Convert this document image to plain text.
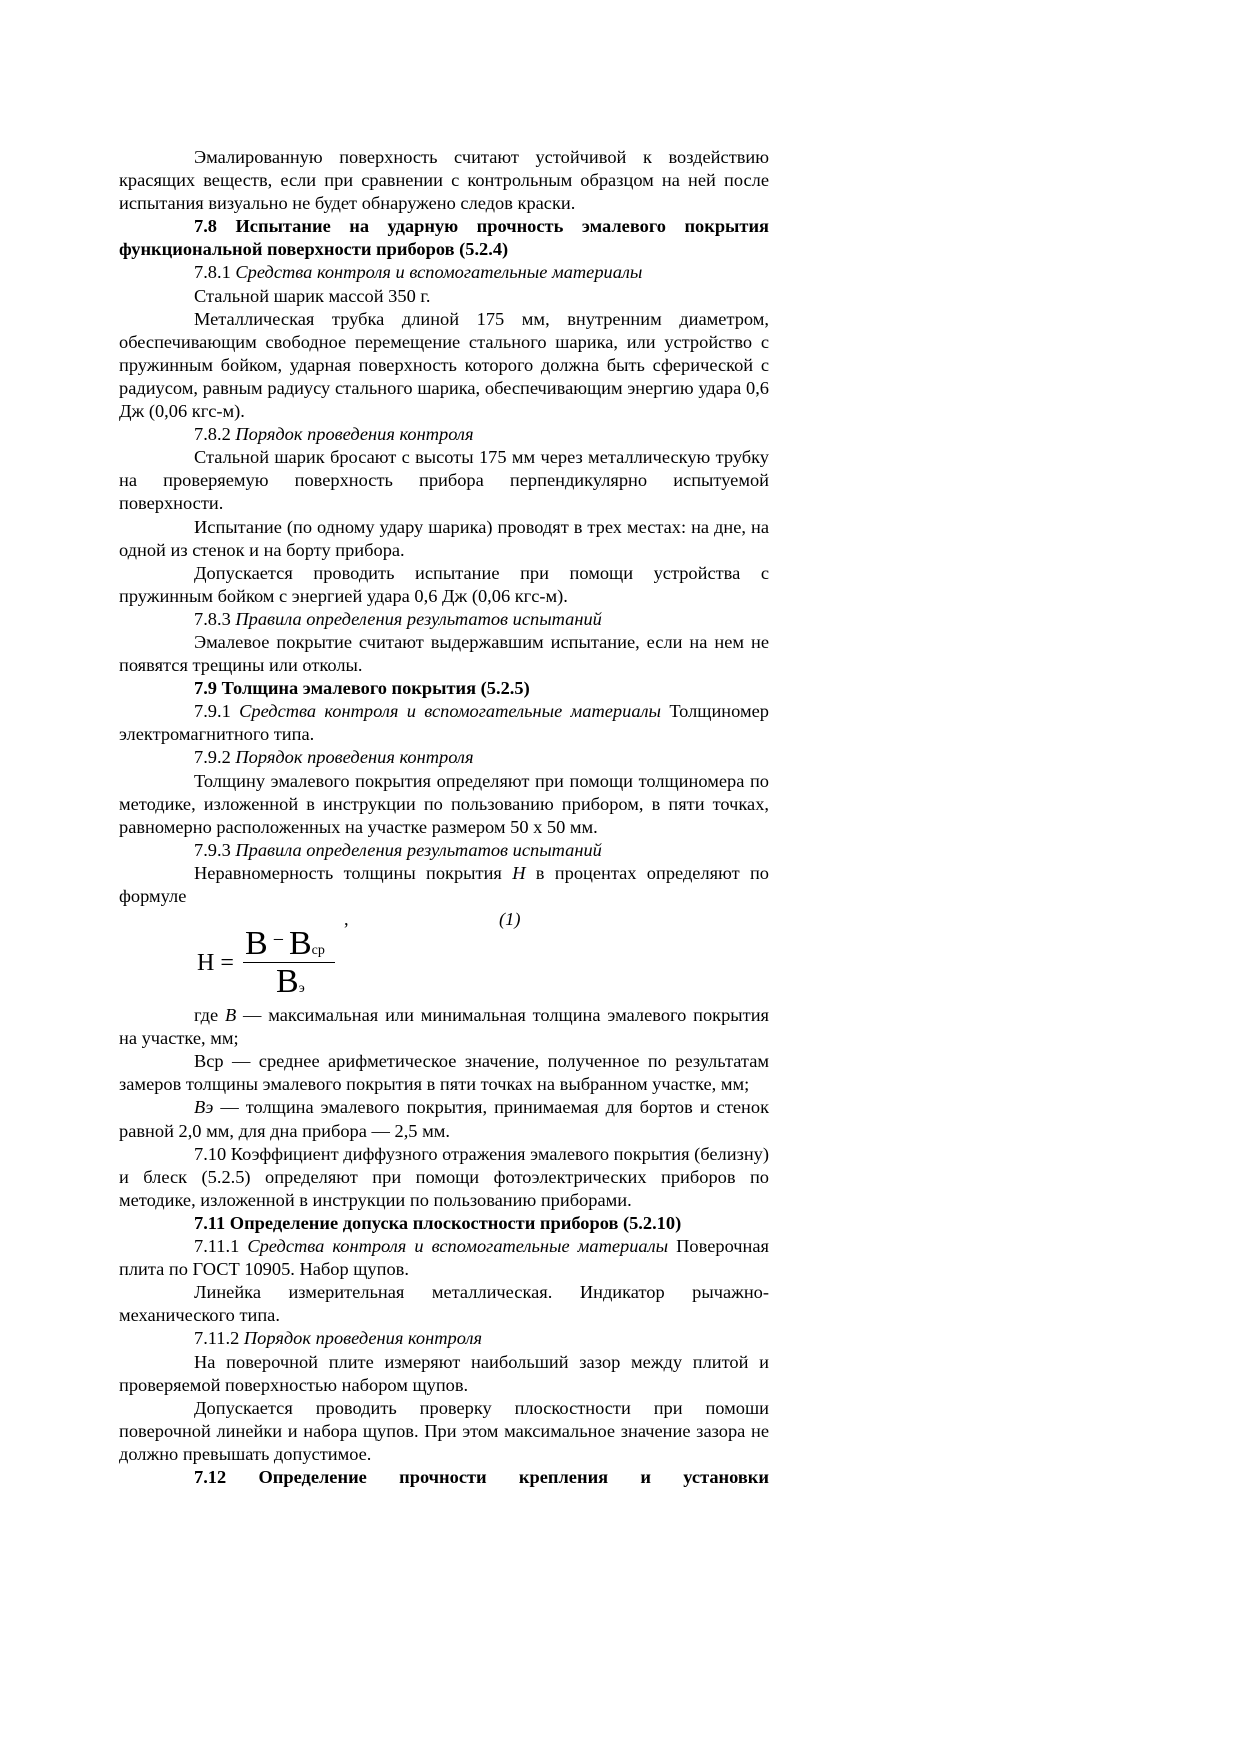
Эмалированную поверхность считают устойчивой к воздействию красящих веществ, если при сравнении с контрольным образцом на ней после испытания визуально не будет обнаружено следов краски.

7.8 Испытание на ударную прочность эмалевого покрытия функциональной поверхности приборов (5.2.4)

7.8.1 Средства контроля и вспомогательные материалы

Стальной шарик массой 350 г.

Металлическая трубка длиной 175 мм, внутренним диаметром, обеспечивающим свободное перемещение стального шарика, или устройство с пружинным бойком, ударная поверхность которого должна быть сферической с радиусом, равным радиусу стального шарика, обеспечивающим энергию удара 0,6 Дж (0,06 кгс-м).

7.8.2 Порядок проведения контроля

Стальной шарик бросают с высоты 175 мм через металлическую трубку на проверяемую поверхность прибора перпендикулярно испытуемой поверхности.

Испытание (по одному удару шарика) проводят в трех местах: на дне, на одной из стенок и на борту прибора.

Допускается проводить испытание при помощи устройства с пружинным бойком с энергией удара 0,6 Дж (0,06 кгс-м).

7.8.3 Правила определения результатов испытаний

Эмалевое покрытие считают выдержавшим испытание, если на нем не появятся трещины или отколы.

7.9 Толщина эмалевого покрытия (5.2.5)

7.9.1 Средства контроля и вспомогательные материалы Толщиномер электромагнитного типа.

7.9.2 Порядок проведения контроля

Толщину эмалевого покрытия определяют при помощи толщиномера по методике, изложенной в инструкции по пользованию прибором, в пяти точках, равномерно расположенных на участке размером 50 х 50 мм.

7.9.3 Правила определения результатов испытаний

Неравномерность толщины покрытия Н в процентах определяют по формуле

,	(1)
Н =
В − Вср
Вэ

где В — максимальная или минимальная толщина эмалевого покрытия на участке, мм;

Вср — среднее арифметическое значение, полученное по результатам замеров толщины эмалевого покрытия в пяти точках на выбранном участке, мм;

Вэ — толщина эмалевого покрытия, принимаемая для бортов и стенок равной 2,0 мм, для дна прибора — 2,5 мм.

7.10 Коэффициент диффузного отражения эмалевого покрытия (белизну) и блеск (5.2.5) определяют при помощи фотоэлектрических приборов по методике, изложенной в инструкции по пользованию приборами.

7.11 Определение допуска плоскостности приборов (5.2.10)

7.11.1 Средства контроля и вспомогательные материалы Поверочная плита по ГОСТ 10905. Набор щупов.

Линейка измерительная металлическая. Индикатор рычажно-механического типа.

7.11.2 Порядок проведения контроля

На поверочной плите измеряют наибольший зазор между плитой и проверяемой поверхностью набором щупов.

Допускается проводить проверку плоскостности при помоши поверочной линейки и набора щупов. При этом максимальное значение зазора не должно превышать допустимое.

7.12 Определение прочности крепления и установки
